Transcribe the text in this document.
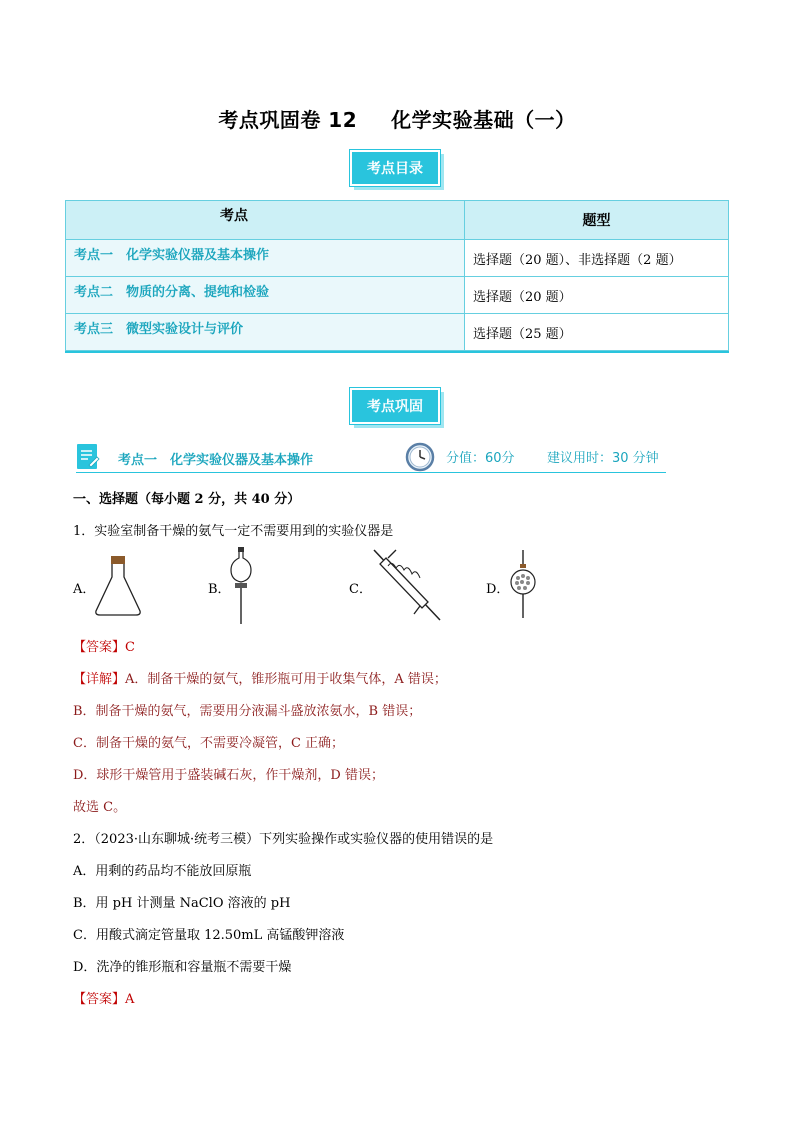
考点巩固卷 12 化学实验基础（一）
考点目录
考点	题型
考点一　化学实验仪器及基本操作	选择题（20 题）、非选择题（2 题）
考点二　物质的分离、提纯和检验	选择题（20 题）
考点三　微型实验设计与评价	选择题（25 题）
考点巩固
考点一　化学实验仪器及基本操作	分值：60分 建议用时：30 分钟
一、选择题（每小题 2 分，共 40 分）
1．实验室制备干燥的氨气一定不需要用到的实验仪器是
A．	B．	C．	D．
【答案】C
【详解】A．制备干燥的氨气，锥形瓶可用于收集气体，A 错误；
B．制备干燥的氨气，需要用分液漏斗盛放浓氨水，B 错误；
C．制备干燥的氨气，不需要冷凝管，C 正确；
D．球形干燥管用于盛装碱石灰，作干燥剂，D 错误；
故选 C。
2．（2023·山东聊城·统考三模）下列实验操作或实验仪器的使用错误的是
A．用剩的药品均不能放回原瓶
B．用 pH 计测量 NaClO 溶液的 pH
C．用酸式滴定管量取 12.50mL 高锰酸钾溶液
D．洗净的锥形瓶和容量瓶不需要干燥
【答案】A
